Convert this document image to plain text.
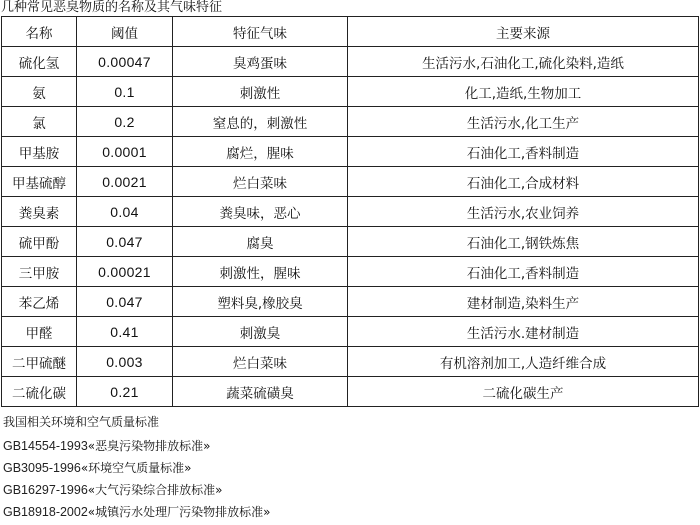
几种常见恶臭物质的名称及其气味特征
名称	阈值	特征气味	主要来源
硫化氢	0.00047	臭鸡蛋味	生活污水,石油化工,硫化染料,造纸
氨	0.1	刺激性	化工,造纸,生物加工
氯	0.2	窒息的，刺激性	生活污水,化工生产
甲基胺	0.0001	腐烂，腥味	石油化工,香料制造
甲基硫醇	0.0021	烂白菜味	石油化工,合成材料
粪臭素	0.04	粪臭味，恶心	生活污水,农业饲养
硫甲酚	0.047	腐臭	石油化工,钢铁炼焦
三甲胺	0.00021	刺激性，腥味	石油化工,香料制造
苯乙烯	0.047	塑料臭,橡胶臭	建材制造,染料生产
甲醛	0.41	刺激臭	生活污水.建材制造
二甲硫醚	0.003	烂白菜味	有机溶剂加工,人造纤维合成
二硫化碳	0.21	蔬菜硫磺臭	二硫化碳生产
我国相关环境和空气质量标准
GB14554-1993«恶臭污染物排放标准»
GB3095-1996«环境空气质量标准»
GB16297-1996«大气污染综合排放标准»
GB18918-2002«城镇污水处理厂污染物排放标准»
